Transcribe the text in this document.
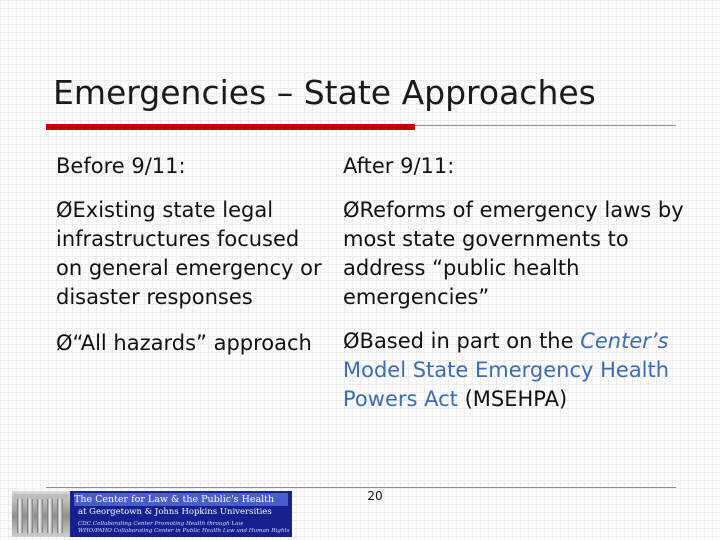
Emergencies – State Approaches
Before 9/11:
ØExisting state legal infrastructures focused on general emergency or disaster responses
Ø“All hazards” approach
After 9/11:
ØReforms of emergency laws by most state governments to address “public health emergencies”
ØBased in part on the Center’s Model State Emergency Health Powers Act (MSEHPA)
20
The Center for Law & the Public's Health
at Georgetown & Johns Hopkins Universities
CDC Collaborating Center Promoting Health through Law
WHO/PAHO Collaborating Center in Public Health Law and Human Rights
